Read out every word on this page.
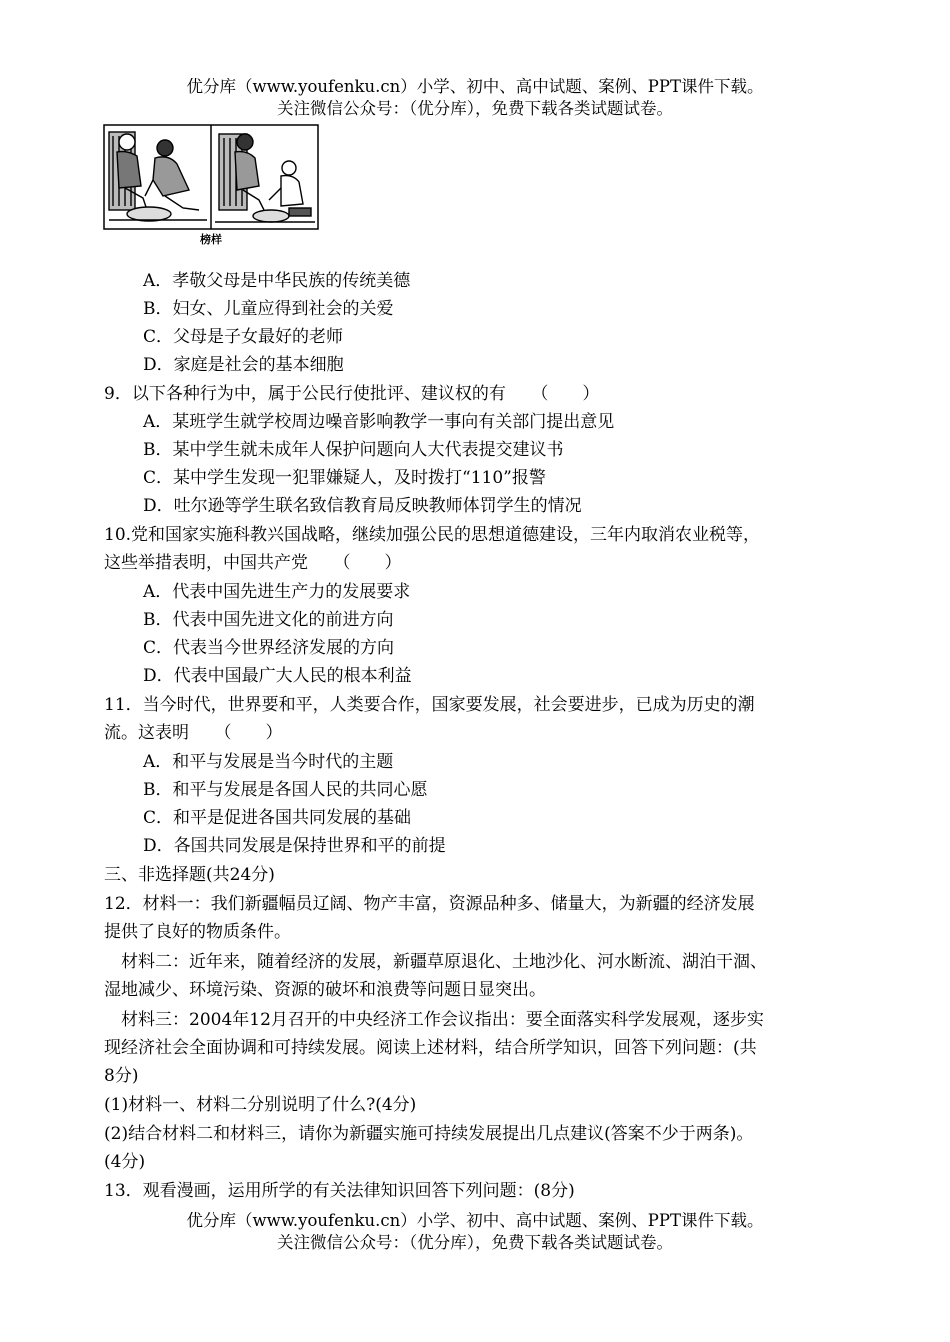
优分库（www.youfenku.cn）小学、初中、高中试题、案例、PPT课件下载。
关注微信公众号：（优分库），免费下载各类试题试卷。
榜样
A．孝敬父母是中华民族的传统美德
B．妇女、儿童应得到社会的关爱
C．父母是子女最好的老师
D．家庭是社会的基本细胞
9．以下各种行为中，属于公民行使批评、建议权的有　　（　　）
A．某班学生就学校周边噪音影响教学一事向有关部门提出意见
B．某中学生就未成年人保护问题向人大代表提交建议书
C．某中学生发现一犯罪嫌疑人，及时拨打“110”报警
D．吐尔逊等学生联名致信教育局反映教师体罚学生的情况
10.党和国家实施科教兴国战略，继续加强公民的思想道德建设，三年内取消农业税等，
这些举措表明，中国共产党　　（　　）
A．代表中国先进生产力的发展要求
B．代表中国先进文化的前进方向
C．代表当今世界经济发展的方向
D．代表中国最广大人民的根本利益
11．当今时代，世界要和平，人类要合作，国家要发展，社会要进步，已成为历史的潮
流。这表明　　（　　）
A．和平与发展是当今时代的主题
B．和平与发展是各国人民的共同心愿
C．和平是促进各国共同发展的基础
D．各国共同发展是保持世界和平的前提
三、非选择题(共24分)
12．材料一：我们新疆幅员辽阔、物产丰富，资源品种多、储量大，为新疆的经济发展
提供了良好的物质条件。
材料二：近年来，随着经济的发展，新疆草原退化、土地沙化、河水断流、湖泊干涸、
湿地减少、环境污染、资源的破坏和浪费等问题日显突出。
材料三：2004年12月召开的中央经济工作会议指出：要全面落实科学发展观，逐步实
现经济社会全面协调和可持续发展。阅读上述材料，结合所学知识，回答下列问题：(共
8分)
(1)材料一、材料二分别说明了什么?(4分)
(2)结合材料二和材料三，请你为新疆实施可持续发展提出几点建议(答案不少于两条)。
(4分)
13．观看漫画，运用所学的有关法律知识回答下列问题：(8分)
优分库（www.youfenku.cn）小学、初中、高中试题、案例、PPT课件下载。
关注微信公众号：（优分库），免费下载各类试题试卷。
